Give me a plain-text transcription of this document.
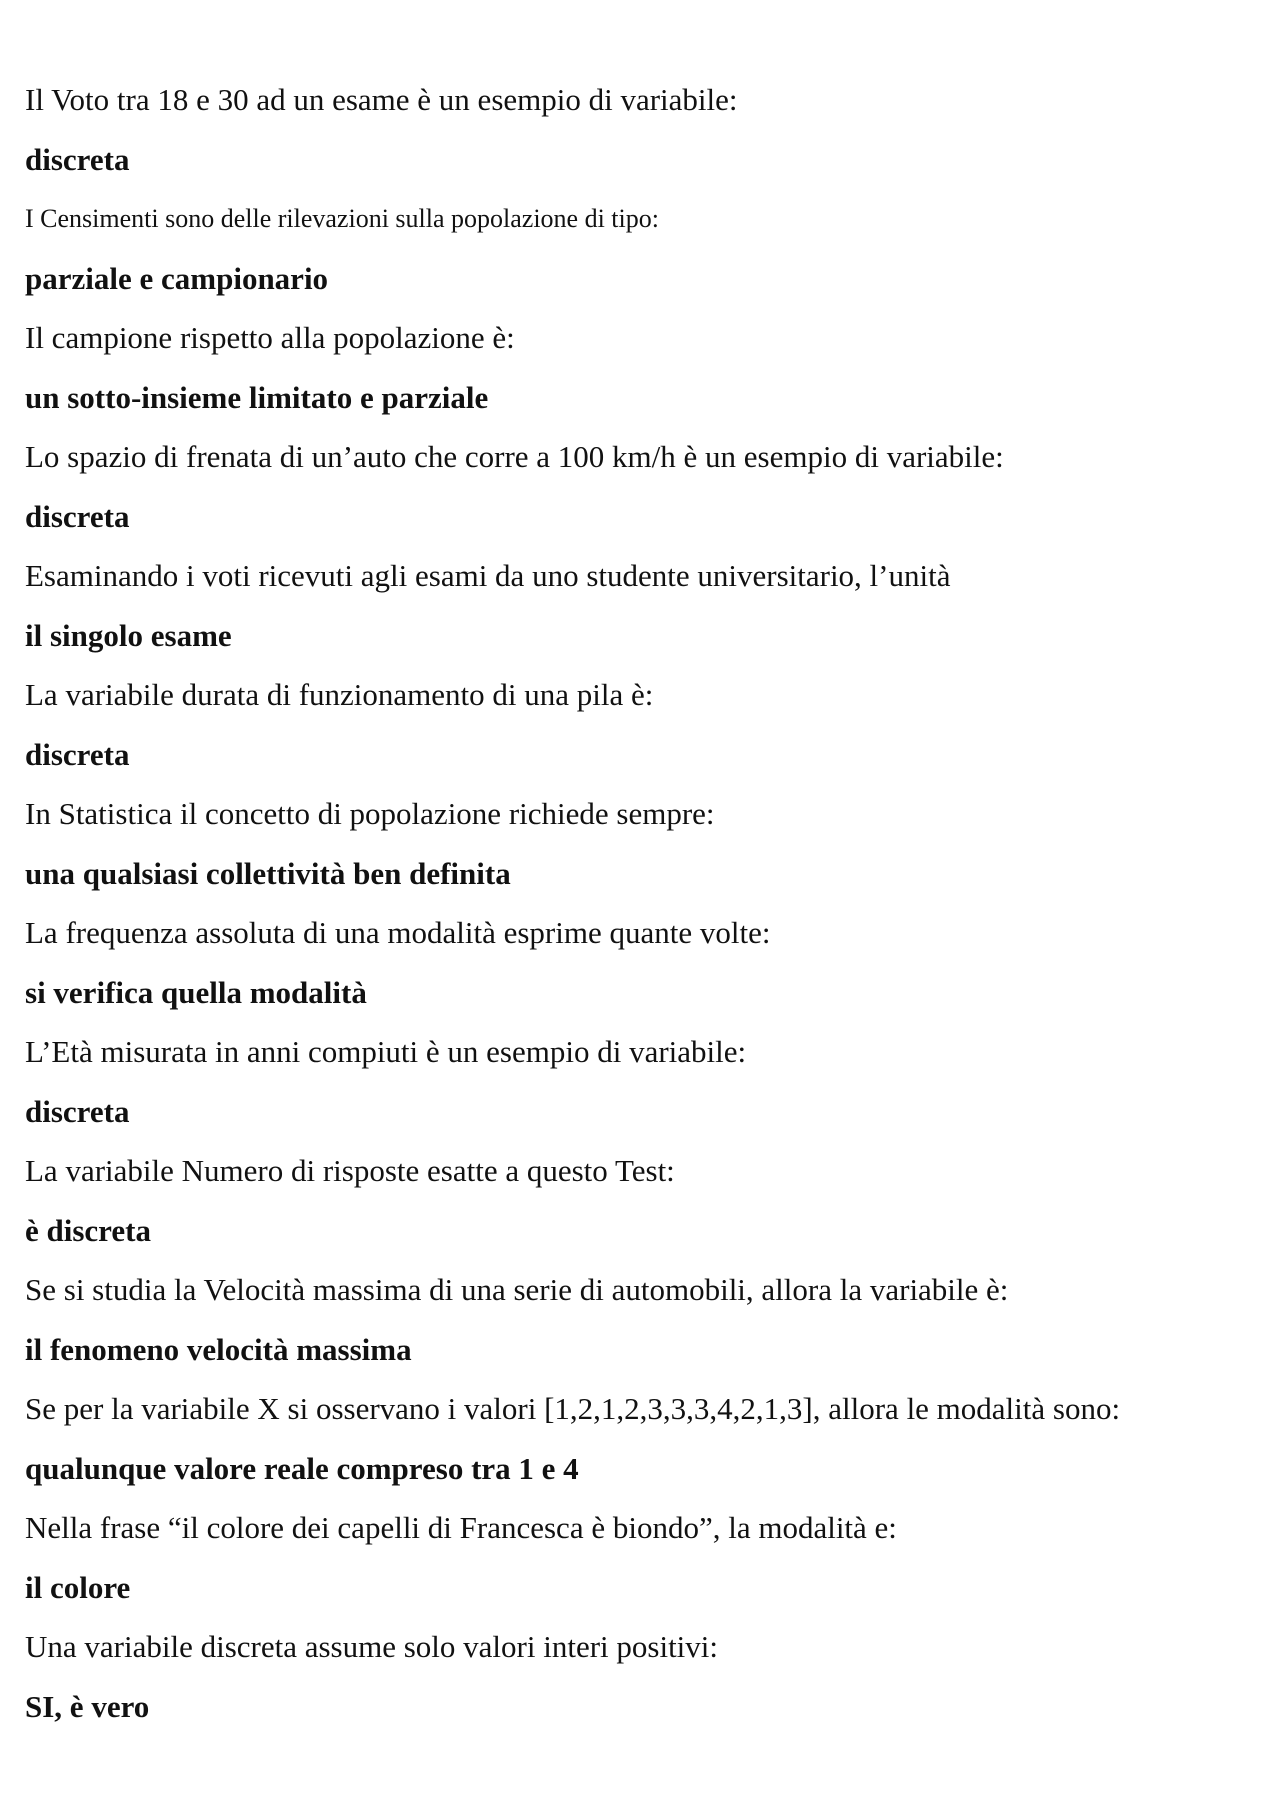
Il Voto tra 18 e 30 ad un esame è un esempio di variabile:
discreta
I Censimenti sono delle rilevazioni sulla popolazione di tipo:
parziale e campionario
Il campione rispetto alla popolazione è:
un sotto-insieme limitato e parziale
Lo spazio di frenata di un’auto che corre a 100 km/h è un esempio di variabile:
discreta
Esaminando i voti ricevuti agli esami da uno studente universitario, l’unità
il singolo esame
La variabile durata di funzionamento di una pila è:
discreta
In Statistica il concetto di popolazione richiede sempre:
una qualsiasi collettività ben definita
La frequenza assoluta di una modalità esprime quante volte:
si verifica quella modalità
L’Età misurata in anni compiuti è un esempio di variabile:
discreta
La variabile Numero di risposte esatte a questo Test:
è discreta
Se si studia la Velocità massima di una serie di automobili, allora la variabile è:
il fenomeno velocità massima
Se per la variabile X si osservano i valori [1,2,1,2,3,3,3,4,2,1,3], allora le modalità sono:
qualunque valore reale compreso tra 1 e 4
Nella frase “il colore dei capelli di Francesca è biondo”, la modalità e:
il colore
Una variabile discreta assume solo valori interi positivi:
SI, è vero
